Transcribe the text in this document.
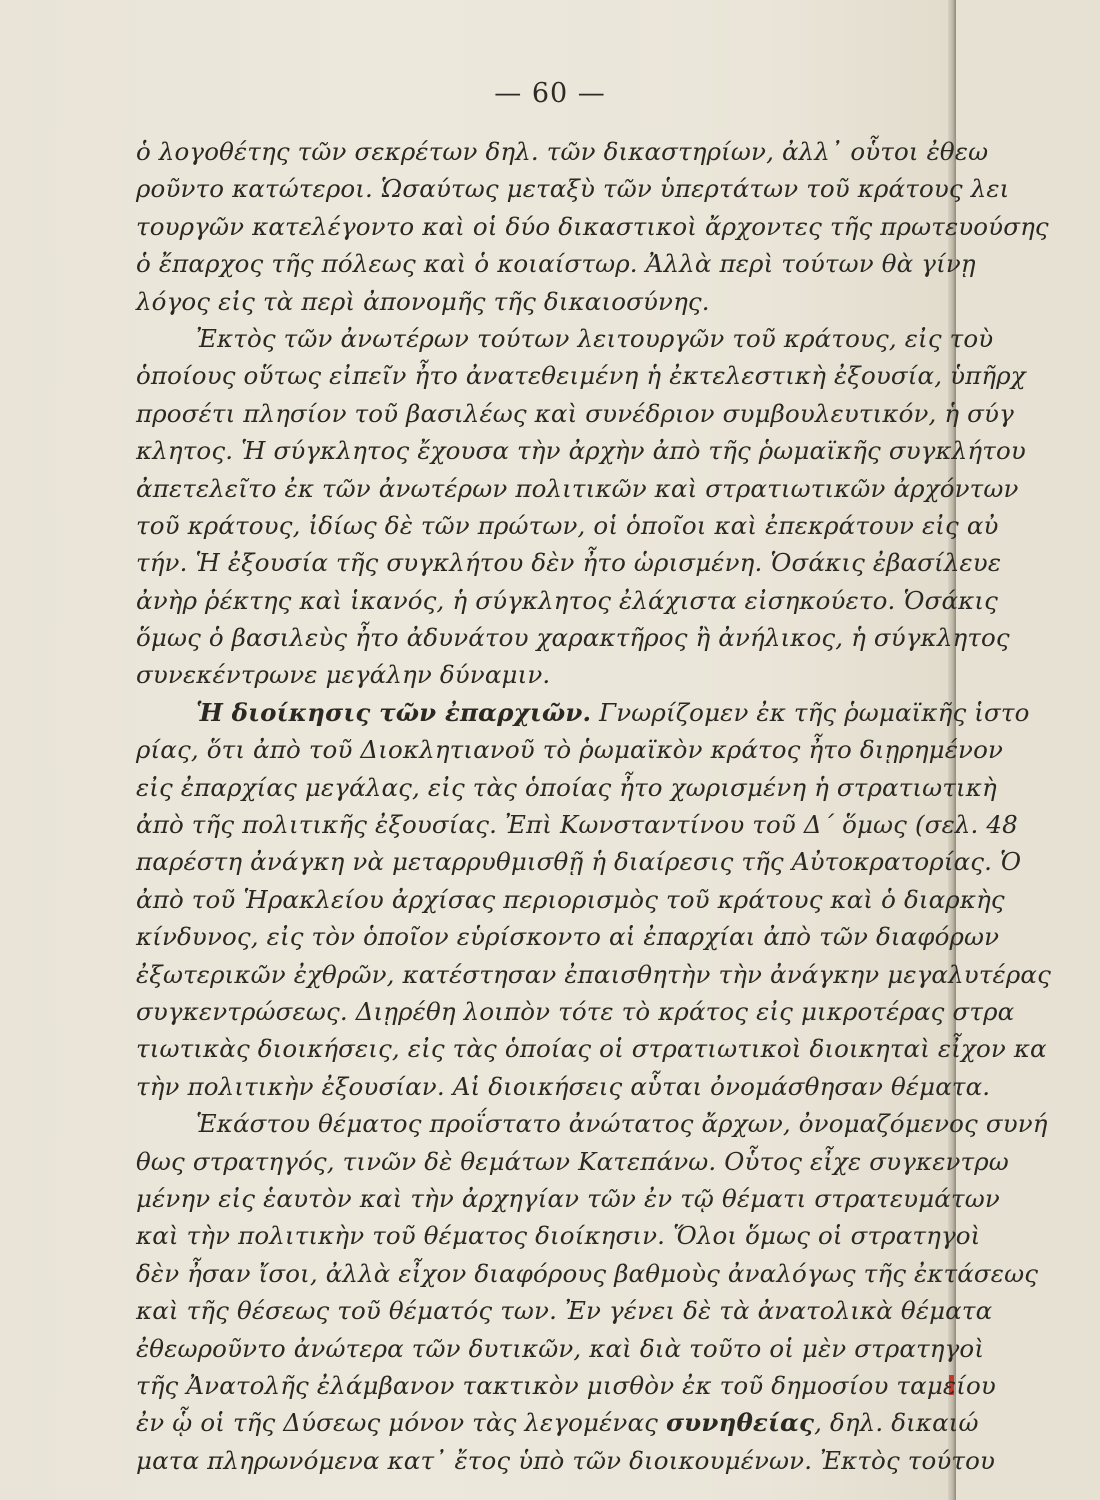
— 60 —
ὁ λογοθέτης τῶν σεκρέτων δηλ. τῶν δικαστηρίων, ἀλλ᾿ οὗτοι ἐθεω
ροῦντο κατώτεροι. Ὡσαύτως μεταξὺ τῶν ὑπερτάτων τοῦ κράτους λει
τουργῶν κατελέγοντο καὶ οἱ δύο δικαστικοὶ ἄρχοντες τῆς πρωτευούσης
ὁ ἔπαρχος τῆς πόλεως καὶ ὁ κοιαίστωρ. Ἀλλὰ περὶ τούτων θὰ γίνῃ
λόγος εἰς τὰ περὶ ἀπονομῆς τῆς δικαιοσύνης.
Ἐκτὸς τῶν ἀνωτέρων τούτων λειτουργῶν τοῦ κράτους, εἰς τοὺ
ὁποίους οὕτως εἰπεῖν ἦτο ἀνατεθειμένη ἡ ἐκτελεστικὴ ἐξουσία, ὑπῆρχ
προσέτι πλησίον τοῦ βασιλέως καὶ συνέδριον συμβουλευτικόν, ἡ σύγ
κλητος. Ἡ σύγκλητος ἔχουσα τὴν ἀρχὴν ἀπὸ τῆς ῥωμαϊκῆς συγκλήτου
ἀπετελεῖτο ἐκ τῶν ἀνωτέρων πολιτικῶν καὶ στρατιωτικῶν ἀρχόντων
τοῦ κράτους, ἰδίως δὲ τῶν πρώτων, οἱ ὁποῖοι καὶ ἐπεκράτουν εἰς αὐ
τήν. Ἡ ἐξουσία τῆς συγκλήτου δὲν ἦτο ὡρισμένη. Ὁσάκις ἐβασίλευε
ἀνὴρ ῥέκτης καὶ ἱκανός, ἡ σύγκλητος ἐλάχιστα εἰσηκούετο. Ὁσάκις
ὅμως ὁ βασιλεὺς ἦτο ἀδυνάτου χαρακτῆρος ἢ ἀνήλικος, ἡ σύγκλητος
συνεκέντρωνε μεγάλην δύναμιν.
Ἡ διοίκησις τῶν ἐπαρχιῶν. Γνωρίζομεν ἐκ τῆς ῥωμαϊκῆς ἱστο
ρίας, ὅτι ἀπὸ τοῦ Διοκλητιανοῦ τὸ ῥωμαϊκὸν κράτος ἦτο διῃρημένον
εἰς ἐπαρχίας μεγάλας, εἰς τὰς ὁποίας ἦτο χωρισμένη ἡ στρατιωτικὴ
ἀπὸ τῆς πολιτικῆς ἐξουσίας. Ἐπὶ Κωνσταντίνου τοῦ Δ´ ὅμως (σελ. 48
παρέστη ἀνάγκη νὰ μεταρρυθμισθῇ ἡ διαίρεσις τῆς Αὐτοκρατορίας. Ὁ
ἀπὸ τοῦ Ἡρακλείου ἀρχίσας περιορισμὸς τοῦ κράτους καὶ ὁ διαρκὴς
κίνδυνος, εἰς τὸν ὁποῖον εὑρίσκοντο αἱ ἐπαρχίαι ἀπὸ τῶν διαφόρων
ἐξωτερικῶν ἐχθρῶν, κατέστησαν ἐπαισθητὴν τὴν ἀνάγκην μεγαλυτέρας
συγκεντρώσεως. Διῃρέθη λοιπὸν τότε τὸ κράτος εἰς μικροτέρας στρα
τιωτικὰς διοικήσεις, εἰς τὰς ὁποίας οἱ στρατιωτικοὶ διοικηταὶ εἶχον κα
τὴν πολιτικὴν ἐξουσίαν. Αἱ διοικήσεις αὗται ὀνομάσθησαν θέματα.
Ἑκάστου θέματος προΐστατο ἀνώτατος ἄρχων, ὀνομαζόμενος συνή
θως στρατηγός, τινῶν δὲ θεμάτων Κατεπάνω. Οὗτος εἶχε συγκεντρω
μένην εἰς ἑαυτὸν καὶ τὴν ἀρχηγίαν τῶν ἐν τῷ θέματι στρατευμάτων
καὶ τὴν πολιτικὴν τοῦ θέματος διοίκησιν. Ὅλοι ὅμως οἱ στρατηγοὶ
δὲν ἦσαν ἴσοι, ἀλλὰ εἶχον διαφόρους βαθμοὺς ἀναλόγως τῆς ἐκτάσεως
καὶ τῆς θέσεως τοῦ θέματός των. Ἐν γένει δὲ τὰ ἀνατολικὰ θέματα
ἐθεωροῦντο ἀνώτερα τῶν δυτικῶν, καὶ διὰ τοῦτο οἱ μὲν στρατηγοὶ
τῆς Ἀνατολῆς ἐλάμβανον τακτικὸν μισθὸν ἐκ τοῦ δημοσίου ταμείου
ἐν ᾧ οἱ τῆς Δύσεως μόνον τὰς λεγομένας συνηθείας, δηλ. δικαιώ
ματα πληρωνόμενα κατ᾿ ἔτος ὑπὸ τῶν διοικουμένων. Ἐκτὸς τούτου
